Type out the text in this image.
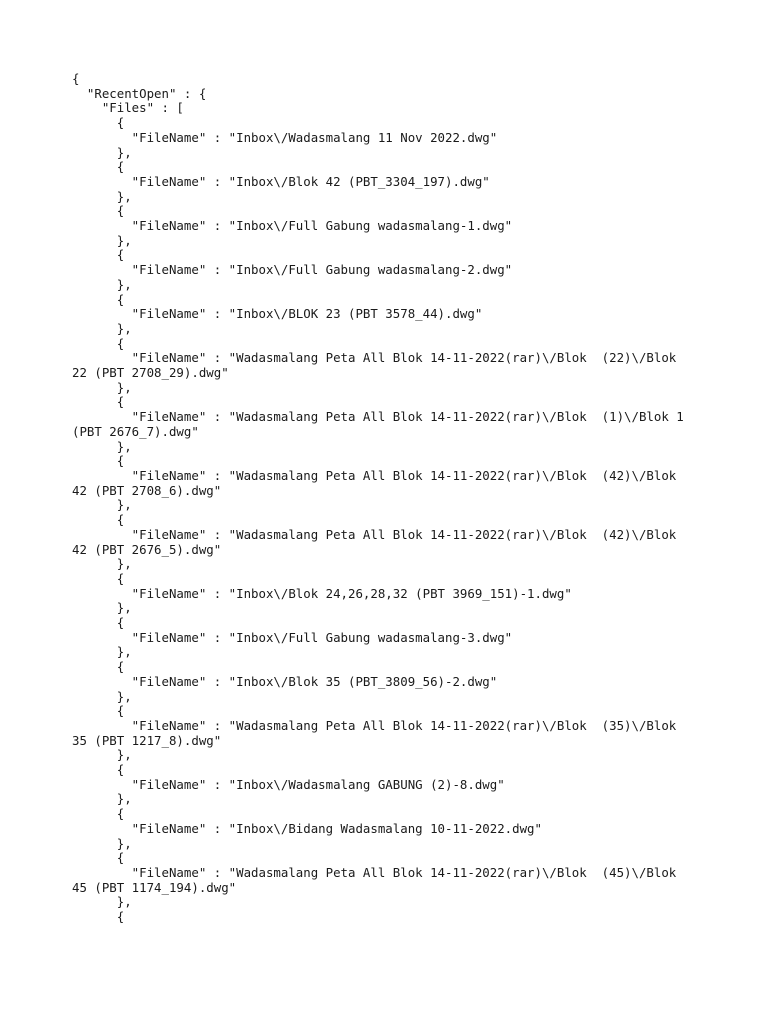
{
"RecentOpen" : {
"Files" : [
{
"FileName" : "Inbox\/Wadasmalang 11 Nov 2022.dwg"
},
{
"FileName" : "Inbox\/Blok 42 (PBT_3304_197).dwg"
},
{
"FileName" : "Inbox\/Full Gabung wadasmalang-1.dwg"
},
{
"FileName" : "Inbox\/Full Gabung wadasmalang-2.dwg"
},
{
"FileName" : "Inbox\/BLOK 23 (PBT 3578_44).dwg"
},
{
"FileName" : "Wadasmalang Peta All Blok 14-11-2022(rar)\/Blok  (22)\/Blok
22 (PBT 2708_29).dwg"
},
{
"FileName" : "Wadasmalang Peta All Blok 14-11-2022(rar)\/Blok  (1)\/Blok 1
(PBT 2676_7).dwg"
},
{
"FileName" : "Wadasmalang Peta All Blok 14-11-2022(rar)\/Blok  (42)\/Blok
42 (PBT 2708_6).dwg"
},
{
"FileName" : "Wadasmalang Peta All Blok 14-11-2022(rar)\/Blok  (42)\/Blok
42 (PBT 2676_5).dwg"
},
{
"FileName" : "Inbox\/Blok 24,26,28,32 (PBT 3969_151)-1.dwg"
},
{
"FileName" : "Inbox\/Full Gabung wadasmalang-3.dwg"
},
{
"FileName" : "Inbox\/Blok 35 (PBT_3809_56)-2.dwg"
},
{
"FileName" : "Wadasmalang Peta All Blok 14-11-2022(rar)\/Blok  (35)\/Blok
35 (PBT 1217_8).dwg"
},
{
"FileName" : "Inbox\/Wadasmalang GABUNG (2)-8.dwg"
},
{
"FileName" : "Inbox\/Bidang Wadasmalang 10-11-2022.dwg"
},
{
"FileName" : "Wadasmalang Peta All Blok 14-11-2022(rar)\/Blok  (45)\/Blok
45 (PBT 1174_194).dwg"
},
{
